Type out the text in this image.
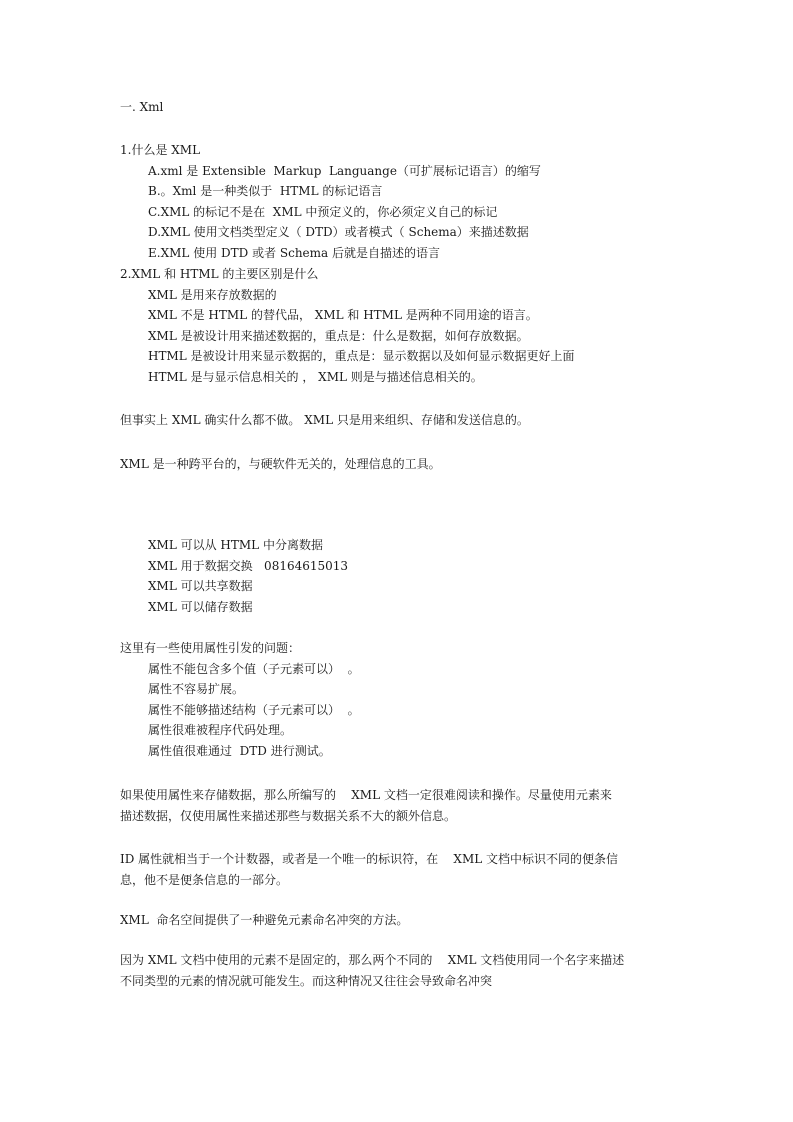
一. Xml
1.什么是 XML
A.xml 是 Extensible  Markup  Languange（可扩展标记语言）的缩写
B.。Xml 是一种类似于  HTML 的标记语言
C.XML 的标记不是在  XML 中预定义的，你必须定义自己的标记
D.XML 使用文档类型定义（ DTD）或者模式（ Schema）来描述数据
E.XML 使用 DTD 或者 Schema 后就是自描述的语言
2.XML 和 HTML 的主要区别是什么
XML 是用来存放数据的
XML 不是 HTML 的替代品， XML 和 HTML 是两种不同用途的语言。
XML 是被设计用来描述数据的，重点是：什么是数据，如何存放数据。
HTML 是被设计用来显示数据的，重点是：显示数据以及如何显示数据更好上面
HTML 是与显示信息相关的 ， XML 则是与描述信息相关的。
但事实上 XML 确实什么都不做。 XML 只是用来组织、存储和发送信息的。
XML 是一种跨平台的，与硬软件无关的，处理信息的工具。
XML 可以从 HTML 中分离数据
XML 用于数据交换   08164615013
XML 可以共享数据
XML 可以储存数据
这里有一些使用属性引发的问题：
属性不能包含多个值（子元素可以）  。
属性不容易扩展。
属性不能够描述结构（子元素可以）  。
属性很难被程序代码处理。
属性值很难通过  DTD 进行测试。
如果使用属性来存储数据，那么所编写的    XML 文档一定很难阅读和操作。尽量使用元素来
描述数据，仅使用属性来描述那些与数据关系不大的额外信息。
ID 属性就相当于一个计数器，或者是一个唯一的标识符，在    XML 文档中标识不同的便条信
息，他不是便条信息的一部分。
XML  命名空间提供了一种避免元素命名冲突的方法。
因为 XML 文档中使用的元素不是固定的，那么两个不同的    XML 文档使用同一个名字来描述
不同类型的元素的情况就可能发生。而这种情况又往往会导致命名冲突
